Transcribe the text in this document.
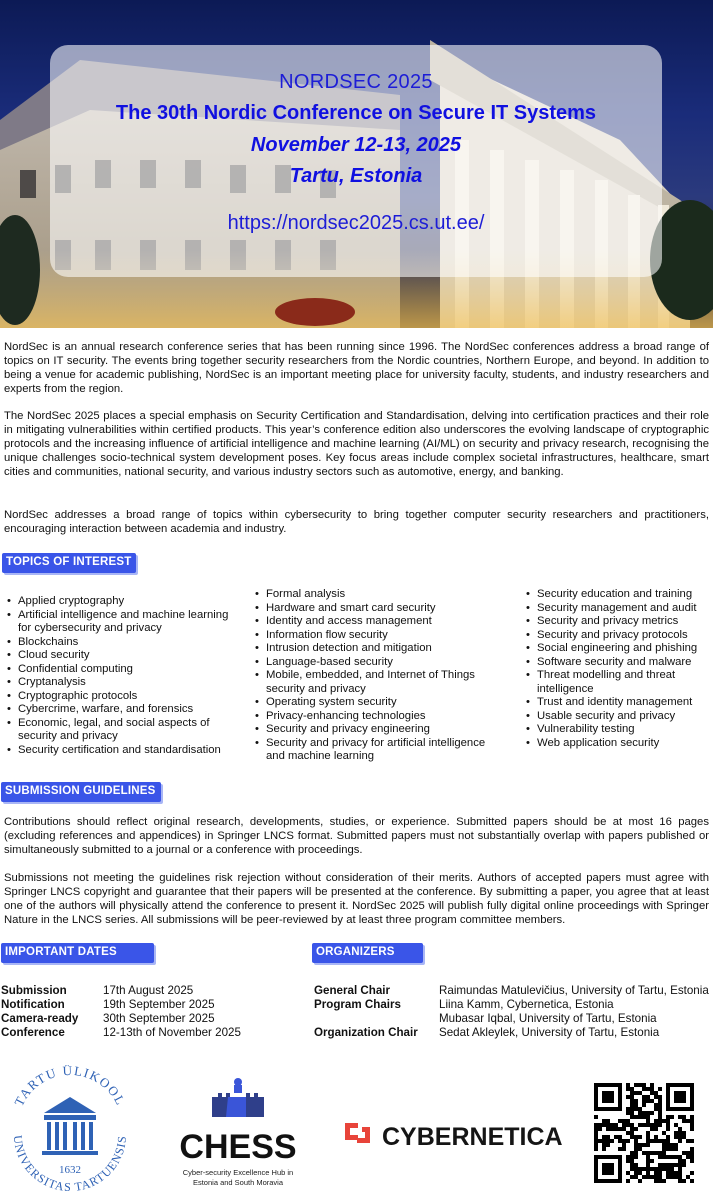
NORDSEC 2025
The 30th Nordic Conference on Secure IT Systems
November 12-13, 2025
Tartu, Estonia
https://nordsec2025.cs.ut.ee/

NordSec is an annual research conference series that has been running since 1996. The NordSec conferences address a broad range of topics on IT security. The events bring together security researchers from the Nordic countries, Northern Europe, and beyond. In addition to being a venue for academic publishing, NordSec is an important meeting place for university faculty, students, and industry researchers and experts from the region.

The NordSec 2025 places a special emphasis on Security Certification and Standardisation, delving into certification practices and their role in mitigating vulnerabilities within certified products. This year’s conference edition also underscores the evolving landscape of cryptographic protocols and the increasing influence of artificial intelligence and machine learning (AI/ML) on security and privacy research, recognising the unique challenges socio-technical system development poses. Key focus areas include complex societal infrastructures, healthcare, smart cities and communities, national security, and various industry sectors such as automotive, energy, and banking.

NordSec addresses a broad range of topics within cybersecurity to bring together computer security researchers and practitioners, encouraging interaction between academia and industry.

TOPICS OF INTEREST
• Applied cryptography
• Artificial intelligence and machine learning for cybersecurity and privacy
• Blockchains
• Cloud security
• Confidential computing
• Cryptanalysis
• Cryptographic protocols
• Cybercrime, warfare, and forensics
• Economic, legal, and social aspects of security and privacy
• Security certification and standardisation
• Formal analysis
• Hardware and smart card security
• Identity and access management
• Information flow security
• Intrusion detection and mitigation
• Language-based security
• Mobile, embedded, and Internet of Things security and privacy
• Operating system security
• Privacy-enhancing technologies
• Security and privacy engineering
• Security and privacy for artificial intelligence and machine learning
• Security education and training
• Security management and audit
• Security and privacy metrics
• Security and privacy protocols
• Social engineering and phishing
• Software security and malware
• Threat modelling and threat intelligence
• Trust and identity management
• Usable security and privacy
• Vulnerability testing
• Web application security
SUBMISSION GUIDELINES

Contributions should reflect original research, developments, studies, or experience. Submitted papers should be at most 16 pages (excluding references and appendices) in Springer LNCS format. Submitted papers must not substantially overlap with papers published or simultaneously submitted to a journal or a conference with proceedings.

Submissions not meeting the guidelines risk rejection without consideration of their merits. Authors of accepted papers must agree with Springer LNCS copyright and guarantee that their papers will be presented at the conference. By submitting a paper, you agree that at least one of the authors will physically attend the conference to present it. NordSec 2025 will publish fully digital online proceedings with Springer Nature in the LNCS series. All submissions will be peer-reviewed by at least three program committee members.

IMPORTANT DATES
Submission	17th August 2025
Notification	19th September 2025
Camera-ready	30th September 2025
Conference	12-13th of November 2025
ORGANIZERS
General Chair	Raimundas Matulevičius, University of Tartu, Estonia
Program Chairs	Liina Kamm, Cybernetica, Estonia
Mubasar Iqbal, University of Tartu, Estonia
Organization Chair	Sedat Akleylek, University of Tartu, Estonia
TARTU ÜLIKOOL
UNIVERSITAS TARTUENSIS
1632
CHESS
Cyber-security Excellence Hub in
Estonia and South Moravia
CYBERNETICA
